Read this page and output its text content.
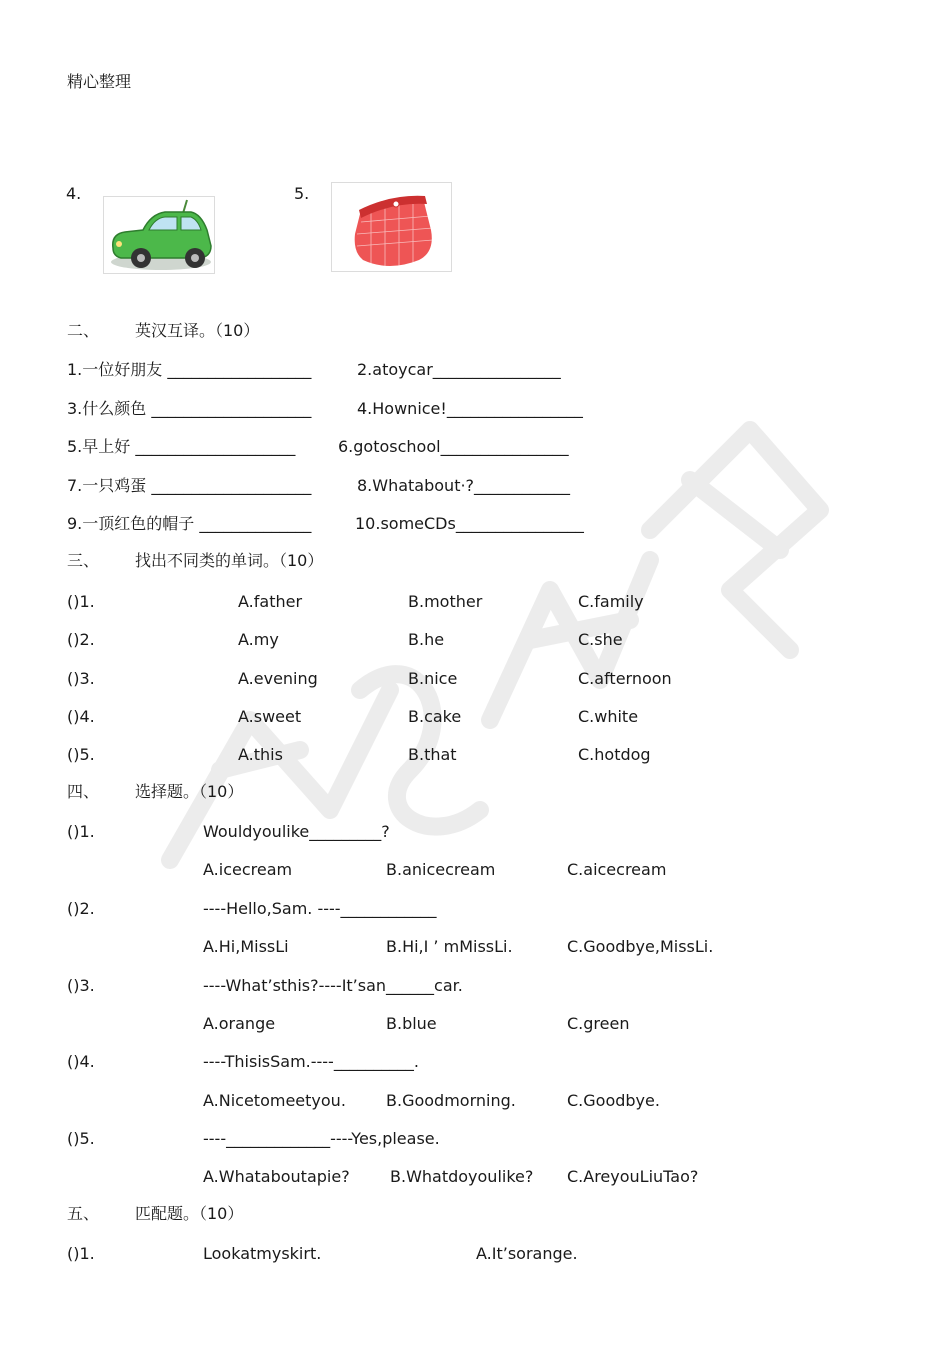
精心整理
4.	5.
二、 英汉互译。（10）
1.一位好朋友 __________________	2.atoycar________________
3.什么颜色 ____________________	4.Hownice!_________________
5.早上好 ____________________	6.gotoschool________________
7.一只鸡蛋 ____________________	8.Whatabout·?____________
9.一顶红色的帽子 ______________	10.someCDs________________
三、 找出不同类的单词。（10）
()1.	A.father	B.mother	C.family
()2.	A.my	B.he	C.she
()3.	A.evening	B.nice	C.afternoon
()4.	A.sweet	B.cake	C.white
()5.	A.this	B.that	C.hotdog
四、 选择题。（10）
()1.	Wouldyoulike_________?
A.icecream	B.anicecream	C.aicecream
()2.	----Hello,Sam. ----____________
A.Hi,MissLi	B.Hi,I ’ mMissLi.	C.Goodbye,MissLi.
()3.	----What’sthis?----It’san______car.
A.orange	B.blue	C.green
()4.	----ThisisSam.----__________.
A.Nicetomeetyou.	B.Goodmorning.	C.Goodbye.
()5.	----_____________----Yes,please.
A.Whataboutapie?	B.Whatdoyoulike? C.AreyouLiuTao?
五、 匹配题。（10）
()1.	Lookatmyskirt.	A.It’sorange.
